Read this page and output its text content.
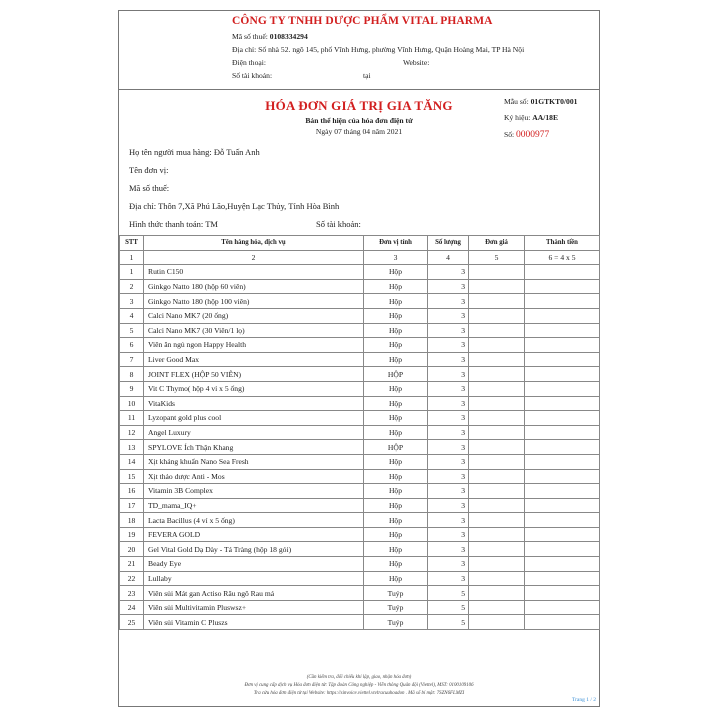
CÔNG TY TNHH DƯỢC PHẨM VITAL PHARMA
Mã số thuế: 0108334294
Địa chỉ: Số nhà 52. ngõ 145, phố Vĩnh Hưng, phường Vĩnh Hưng, Quận Hoàng Mai, TP Hà Nội
Điện thoại:	Website:
Số tài khoản:	tại
HÓA ĐƠN GIÁ TRỊ GIA TĂNG
Bản thể hiện của hóa đơn điện tử
Ngày 07 tháng 04 năm 2021
Mẫu số: 01GTKT0/001
Ký hiệu: AA/18E
Số: 0000977
Họ tên người mua hàng: Đỗ Tuấn Anh
Tên đơn vị:
Mã số thuế:
Địa chỉ: Thôn 7,Xã Phú Lão,Huyện Lạc Thủy, Tỉnh Hòa Bình
Hình thức thanh toán: TM	Số tài khoản:
STT	Tên hàng hóa, dịch vụ	Đơn vị tính	Số lượng	Đơn giá	Thành tiền
1	2	3	4	5	6 = 4 x 5
1	Rutin C150	Hộp	3		
2	Ginkgo Natto 180 (hộp 60 viên)	Hộp	3		
3	Ginkgo Natto 180 (hộp 100 viên)	Hộp	3		
4	Calci Nano MK7 (20 ống)	Hộp	3		
5	Calci Nano MK7 (30 Viên/1 lọ)	Hộp	3		
6	Viên ăn ngủ ngon Happy Health	Hộp	3		
7	Liver Good Max	Hộp	3		
8	JOINT FLEX (HỘP 50 VIÊN)	HỘP	3		
9	Vit C Thymo( hộp 4 vỉ x 5 ống)	Hộp	3		
10	VitaKids	Hộp	3		
11	Lyzopant gold plus cool	Hộp	3		
12	Angel Luxury	Hộp	3		
13	SPYLOVE Ích Thận Khang	HỘP	3		
14	Xịt kháng khuẩn Nano Sea Fresh	Hộp	3		
15	Xịt thảo dược Anti - Mos	Hộp	3		
16	Vitamin 3B Complex	Hộp	3		
17	TD_mama_IQ+	Hộp	3		
18	Lacta Bacillus (4 vỉ x 5 ống)	Hộp	3		
19	FEVERA GOLD	Hộp	3		
20	Gel Vital Gold Dạ Dày - Tá Tràng (hộp 18 gói)	Hộp	3		
21	Beady Eye	Hộp	3		
22	Lullaby	Hộp	3		
23	Viên sủi Mát gan Actiso Râu ngô Rau má	Tuýp	5		
24	Viên sủi Multivitamin Pluswsz+	Tuýp	5		
25	Viên sủi Vitamin C Pluszs	Tuýp	5		
(Cần kiểm tra, đối chiếu khi lập, giao, nhận hóa đơn)
Đơn vị cung cấp dịch vụ Hóa đơn điện tử: Tập đoàn Công nghiệp - Viễn thông Quân đội (Viettel), MST: 0100109106
Tra cứu hóa đơn điện tử tại Website: https://sinvoice.viettel.vn/tracuuhoadon . Mã số bí mật: 7SZN6FLMZI
Trang 1 / 2
